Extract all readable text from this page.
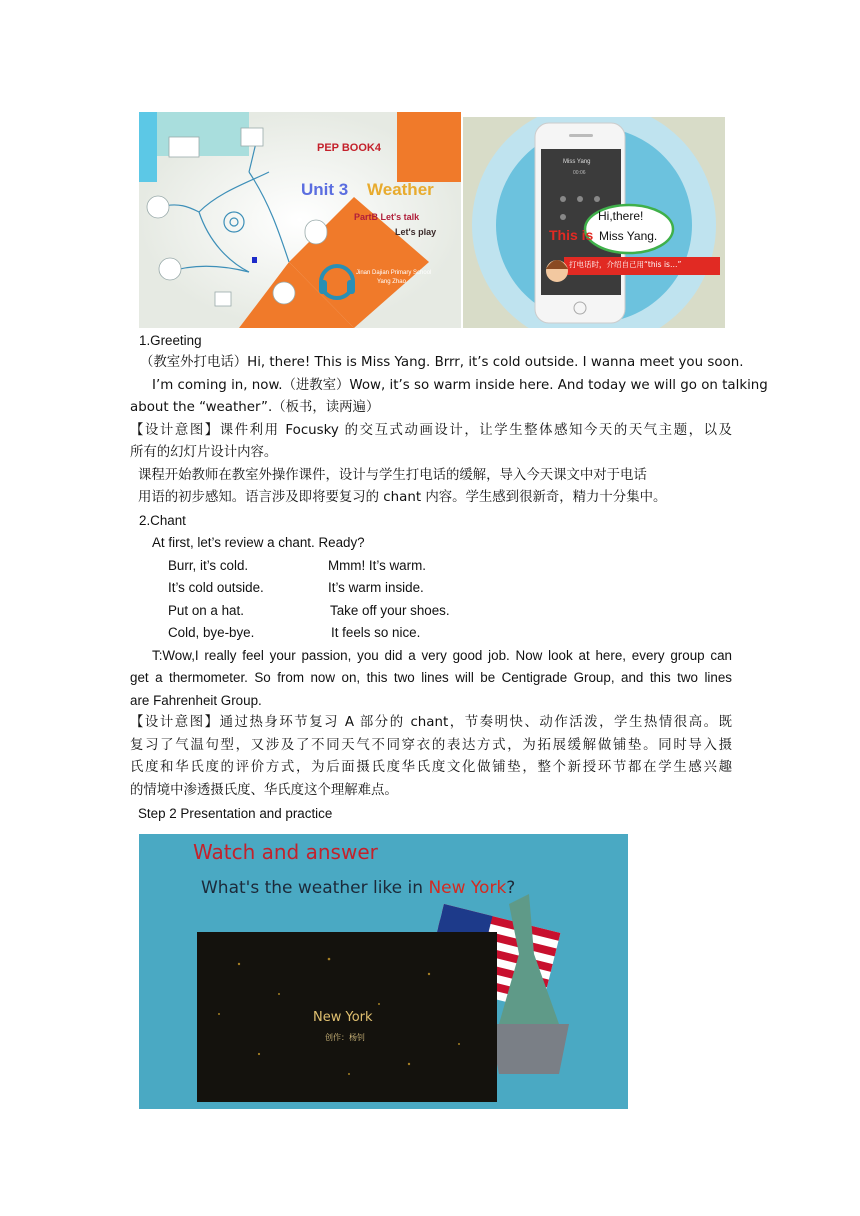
PEP BOOK4
Unit 3 Weather
PartB Let's talk
Let's play
Jinan Dajian Primary School
Yang Zhao
Miss Yang
00:06
Hi,there!
This is Miss Yang.
打电话时，介绍自己用“this is…”
1.Greeting
（教室外打电话）Hi, there! This is Miss Yang. Brrr, it’s cold outside. I wanna meet you soon.
I’m coming in, now.（进教室）Wow, it’s so warm inside here. And today we will go on talking
about the “weather”.（板书，读两遍）
【设计意图】课件利用 Focusky 的交互式动画设计，让学生整体感知今天的天气主题，以及
所有的幻灯片设计内容。
课程开始教师在教室外操作课件，设计与学生打电话的缓解，导入今天课文中对于电话
用语的初步感知。语言涉及即将要复习的 chant 内容。学生感到很新奇，精力十分集中。
2.Chant
At first, let’s review a chant. Ready?
Burr, it’s cold.	Mmm! It’s warm.
It’s cold outside.	It’s warm inside.
Put on a hat.	Take off your shoes.
Cold, bye-bye.	It feels so nice.
T:Wow,I really feel your passion, you did a very good job. Now look at here, every group can
get a thermometer. So from now on, this two lines will be Centigrade Group, and this two lines
are Fahrenheit Group.
【设计意图】通过热身环节复习 A 部分的 chant，节奏明快、动作活泼，学生热情很高。既
复习了气温句型，又涉及了不同天气不同穿衣的表达方式，为拓展缓解做铺垫。同时导入摄
氏度和华氏度的评价方式，为后面摄氏度华氏度文化做铺垫，整个新授环节都在学生感兴趣
的情境中渗透摄氏度、华氏度这个理解难点。
Step 2 Presentation and practice
Watch and answer
What's the weather like in New York?
New York
创作：杨钊
